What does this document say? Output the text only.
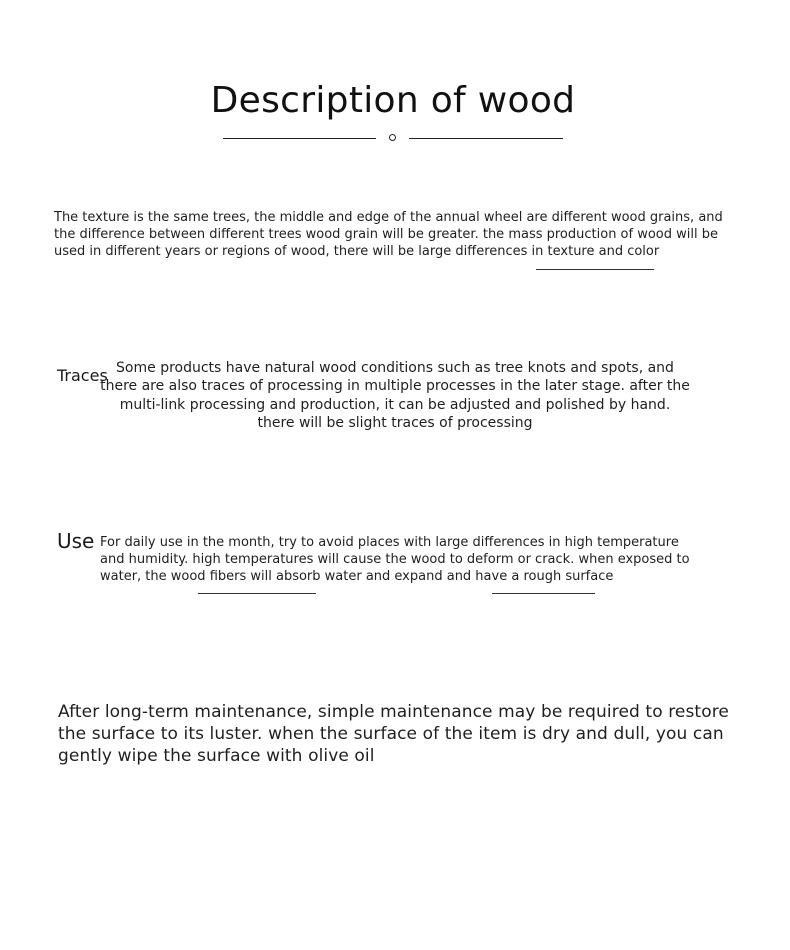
Description of wood

The texture is the same trees, the middle and edge of the annual wheel are different wood grains, and the difference between different trees wood grain will be greater. the mass production of wood will be used in different years or regions of wood, there will be large differences in texture and color

Traces Some products have natural wood conditions such as tree knots and spots, and there are also traces of processing in multiple processes in the later stage. after the multi-link processing and production, it can be adjusted and polished by hand. there will be slight traces of processing

Use For daily use in the month, try to avoid places with large differences in high temperature and humidity. high temperatures will cause the wood to deform or crack. when exposed to water, the wood fibers will absorb water and expand and have a rough surface

After long-term maintenance, simple maintenance may be required to restore the surface to its luster. when the surface of the item is dry and dull, you can gently wipe the surface with olive oil
